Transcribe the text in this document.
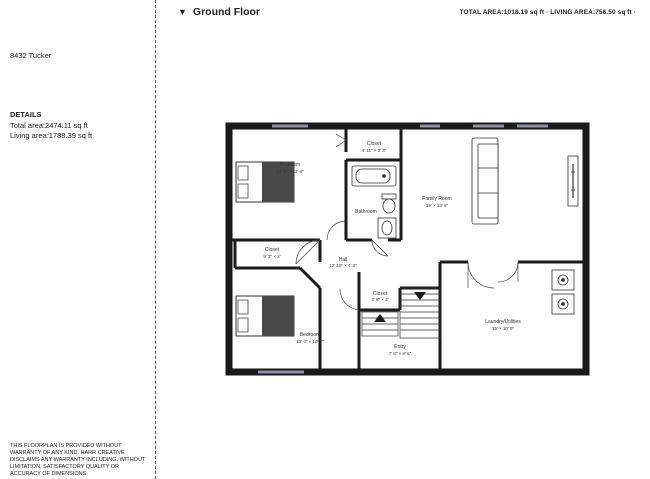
8432 Tucker
DETAILS
Total area:2474.11 sq ft
Living area:1788.39 sq ft
THIS FLOORPLAN IS PROVIDED WITHOUT WARRANTY OF ANY KIND. HARR CREATIVE DISCLAIMS ANY WARRANTY INCLUDING, WITHOUT LIMITATION, SATISFACTORY QUALITY OR ACCURACY OF DIMENSIONS.
▼ Ground Floor	TOTAL AREA:1018.19 sq ft · LIVING AREA:756.50 sq ft ·
Bedroom
12' 1" × 11' 6"
Closet
4' 11" × 3' 3"
Bathroom
Family Room
19' × 13' 9"
Closet
8' 2" × 2'
Hall
12' 10" × 4' 3"
Closet
3' 8" × 2'
Bedroom
13' 4" × 10' 7"
Laundry/Utilities
15' × 10' 9"
Entry
7' 8" × 8' 5"
